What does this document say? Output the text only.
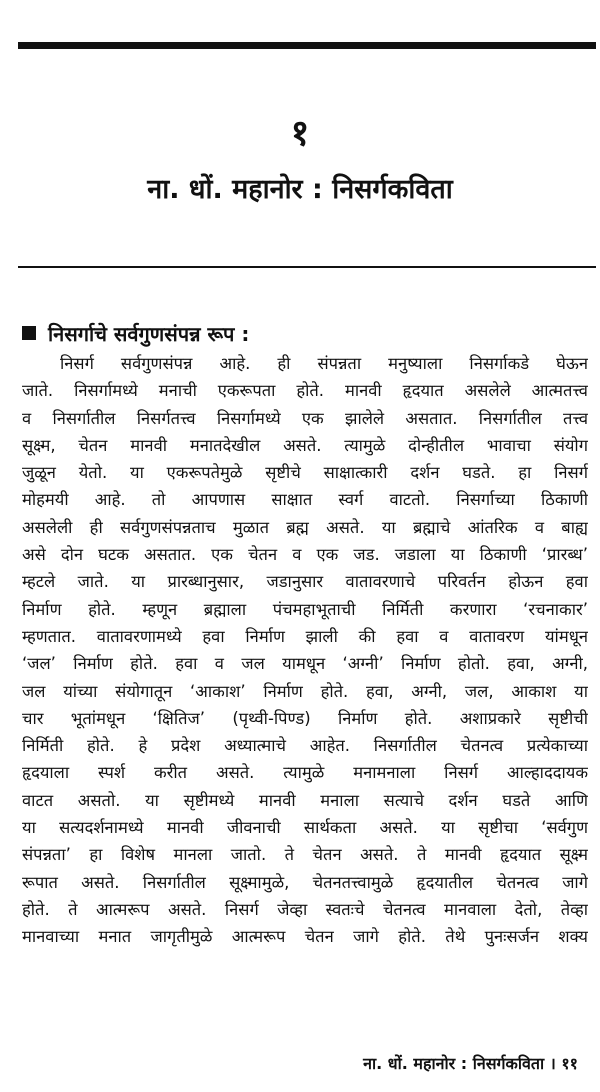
१
ना. धों. महानोर : निसर्गकविता
निसर्गाचे सर्वगुणसंपन्न रूप :
निसर्ग सर्वगुणसंपन्न आहे. ही संपन्नता मनुष्याला निसर्गाकडे घेऊन
जाते. निसर्गामध्ये मनाची एकरूपता होते. मानवी हृदयात असलेले आत्मतत्त्व
व निसर्गातील निसर्गतत्त्व निसर्गामध्ये एक झालेले असतात. निसर्गातील तत्त्व
सूक्ष्म, चेतन मानवी मनातदेखील असते. त्यामुळे दोन्हीतील भावाचा संयोग
जुळून येतो. या एकरूपतेमुळे सृष्टीचे साक्षात्कारी दर्शन घडते. हा निसर्ग
मोहमयी आहे. तो आपणास साक्षात स्वर्ग वाटतो. निसर्गाच्या ठिकाणी
असलेली ही सर्वगुणसंपन्नताच मुळात ब्रह्म असते. या ब्रह्माचे आंतरिक व बाह्य
असे दोन घटक असतात. एक चेतन व एक जड. जडाला या ठिकाणी ‘प्रारब्ध’
म्हटले जाते. या प्रारब्धानुसार, जडानुसार वातावरणाचे परिवर्तन होऊन हवा
निर्माण होते. म्हणून ब्रह्माला पंचमहाभूताची निर्मिती करणारा ‘रचनाकार’
म्हणतात. वातावरणामध्ये हवा निर्माण झाली की हवा व वातावरण यांमधून
‘जल’ निर्माण होते. हवा व जल यामधून ‘अग्नी’ निर्माण होतो. हवा, अग्नी,
जल यांच्या संयोगातून ‘आकाश’ निर्माण होते. हवा, अग्नी, जल, आकाश या
चार भूतांमधून ‘क्षितिज’ (पृथ्वी-पिण्ड) निर्माण होते. अशाप्रकारे सृष्टीची
निर्मिती होते. हे प्रदेश अध्यात्माचे आहेत. निसर्गातील चेतनत्व प्रत्येकाच्या
हृदयाला स्पर्श करीत असते. त्यामुळे मनामनाला निसर्ग आल्हाददायक
वाटत असतो. या सृष्टीमध्ये मानवी मनाला सत्याचे दर्शन घडते आणि
या सत्यदर्शनामध्ये मानवी जीवनाची सार्थकता असते. या सृष्टीचा ‘सर्वगुण
संपन्नता’ हा विशेष मानला जातो. ते चेतन असते. ते मानवी हृदयात सूक्ष्म
रूपात असते. निसर्गातील सूक्ष्मामुळे, चेतनतत्त्वामुळे हृदयातील चेतनत्व जागे
होते. ते आत्मरूप असते. निसर्ग जेव्हा स्वतःचे चेतनत्व मानवाला देतो, तेव्हा
मानवाच्या मनात जागृतीमुळे आत्मरूप चेतन जागे होते. तेथे पुनःसर्जन शक्य
ना. धों. महानोर : निसर्गकविता । ११
